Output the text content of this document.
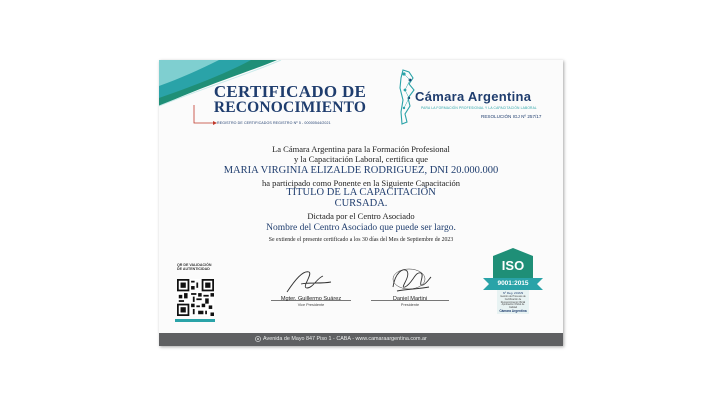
CERTIFICADO DE
RECONOCIMIENTO
REGISTRO DE CERTIFICADOS REGISTRO Nº 5 - 00000544/2021
Cámara Argentina
PARA LA FORMACIÓN PROFESIONAL Y LA CAPACITACIÓN LABORAL
RESOLUCIÓN IGJ Nº 257/17
La Cámara Argentina para la Formación Profesional
y la Capacitación Laboral, certifica que
MARIA VIRGINIA ELIZALDE RODRIGUEZ, DNI 20.000.000
ha participado como Ponente en la Siguiente Capacitación
TITULO DE LA CAPACITACIÓN
CURSADA.
Dictada por el Centro Asociado
Nombre del Centro Asociado que puede ser largo.
Se extiende el presente certificado a los 30 días del Mes de Septiembre de 2023
QR DE VALIDACIÓN
DE AUTENTICIDAD
Mgter. Guillermo Suárez
Vice Presidente
Daniel Martini
Presidente
ISO
9001:2015
Nº Reg. 2016/9
Gestión de Procesos de Certificación de Reconocimiento Oficial Aprobación Oficial de Calidad
Cámara Argentina
Avenida de Mayo 847 Piso 1 - CABA - www.camaraargentina.com.ar
